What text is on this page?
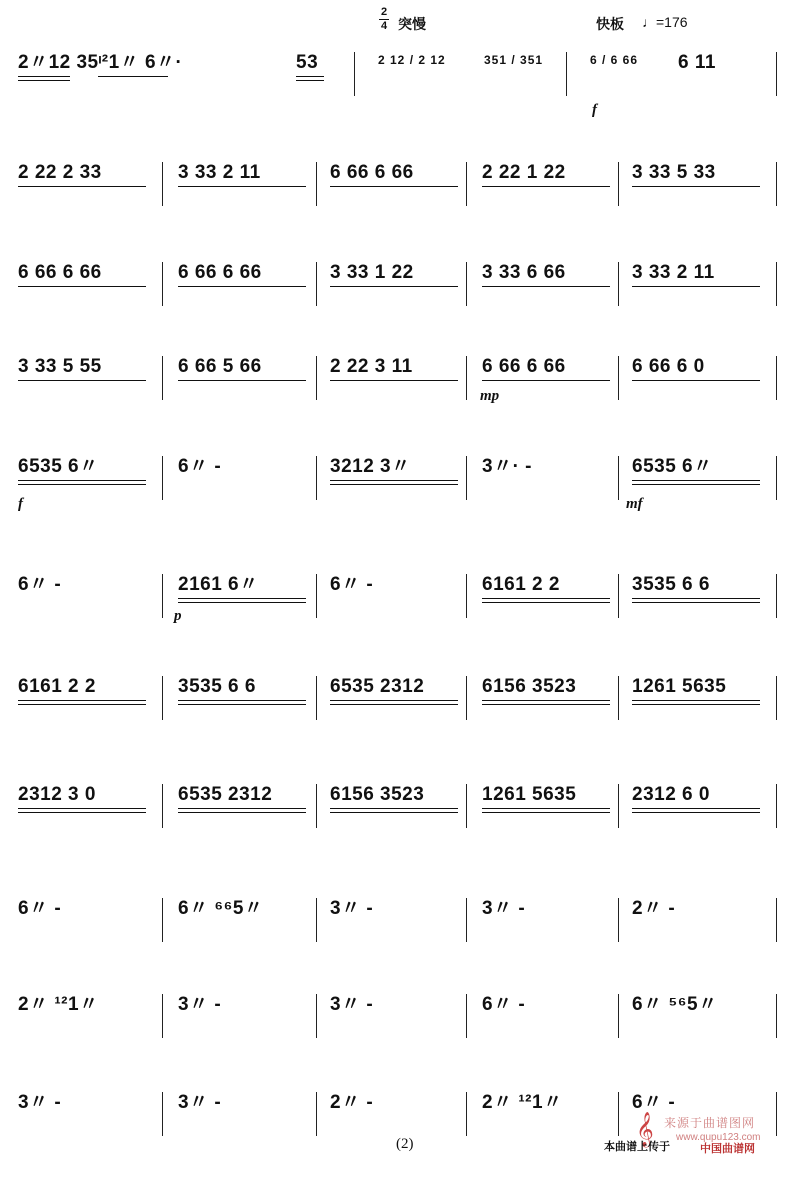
2
4 突慢	快板 ♩=176
2〃12 35ᶦ²1〃 6〃·	53	2 12 / 2 12	351 / 351	6 / 6 66 6 11
f
2 22 2 33	3 33 2 11	6 66 6 66	2 22 1 22	3 33 5 33
6 66 6 66	6 66 6 66	3 33 1 22	3 33 6 66	3 33 2 11
3 33 5 55	6 66 5 66	2 22 3 11	6 66 6 66	6 66 6 0
6535 6〃	6〃 -	3212 3〃	3〃· -	6535 6〃
6〃 -	2161 6〃	6〃 -	6161 2 2	3535 6 6
6161 2 2	3535 6 6	6535 2312	6156 3523	1261 5635
2312 3 0	6535 2312	6156 3523	1261 5635	2312 6 0
6〃 -	6〃 ⁶⁶5〃	3〃 -	3〃 -	2〃 -
2〃 ¹²1〃	3〃 -	3〃 -	6〃 -	6〃 ⁵⁶5〃
3〃 -	3〃 -	2〃 -	2〃 ¹²1〃	6〃 -
𝄞 来源于曲谱图网
www.qupu123.com
(2)	本曲谱上传于	中国曲谱网
mp
f	mf
p
